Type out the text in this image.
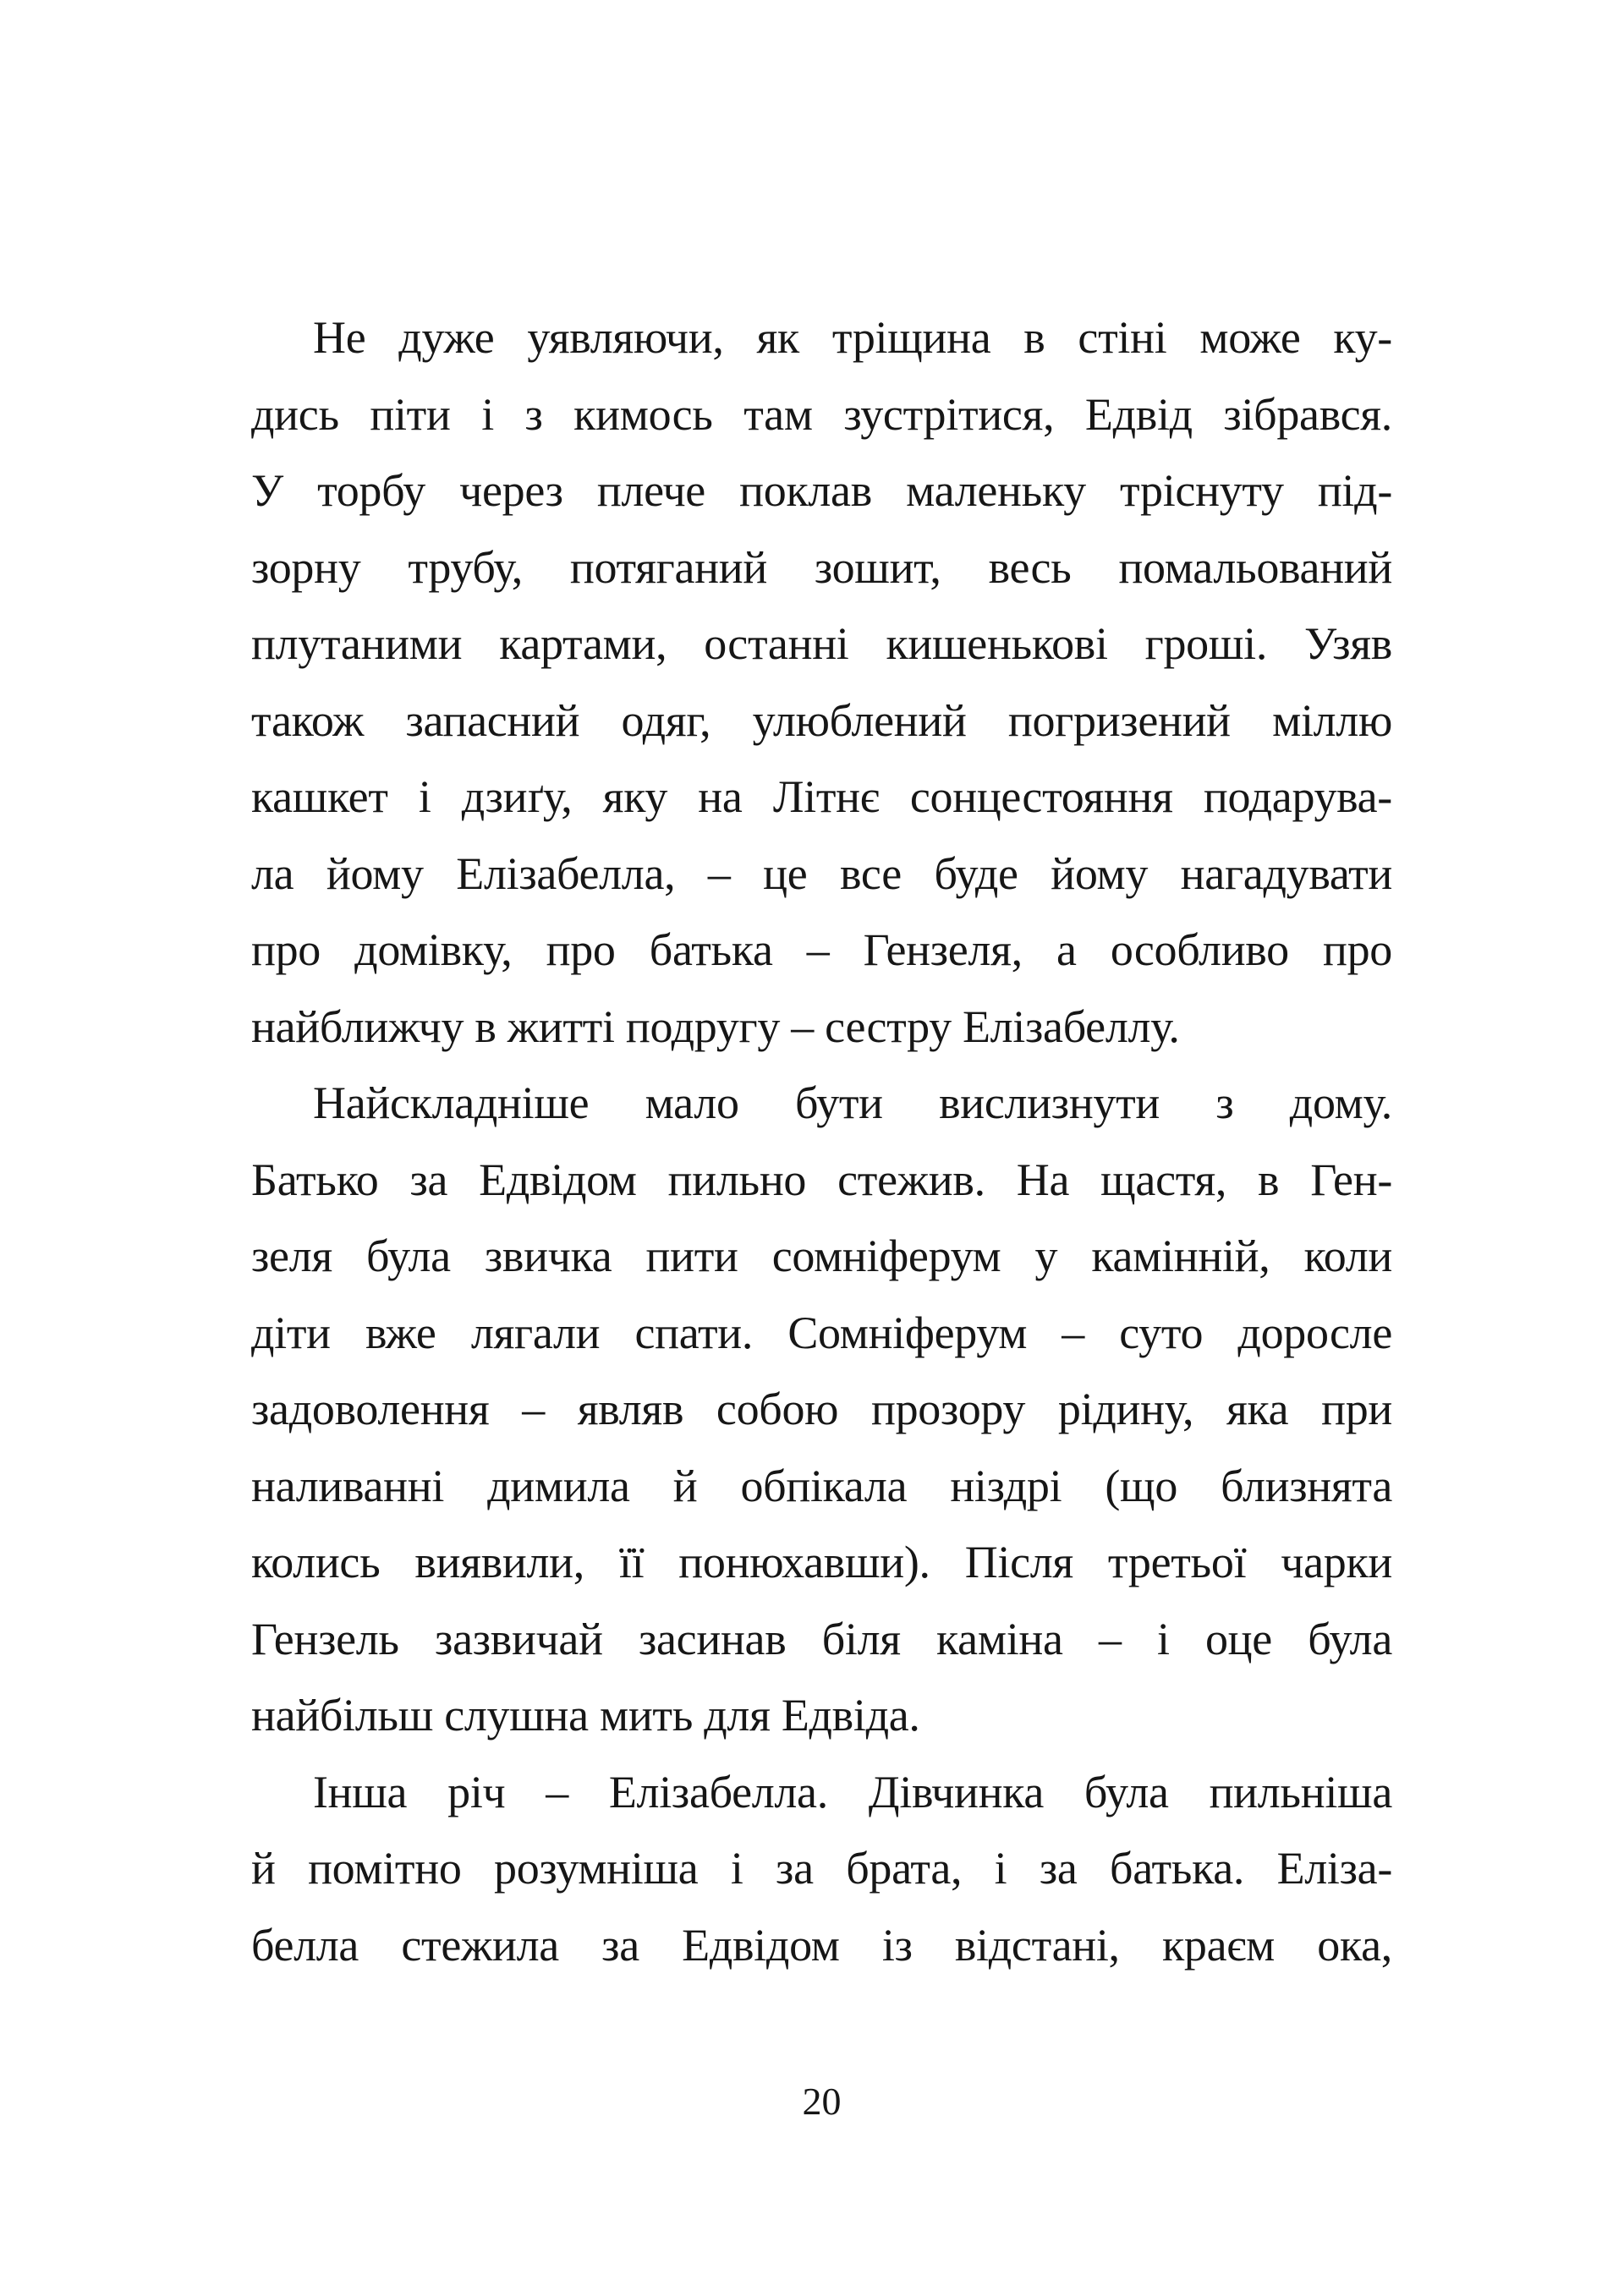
Не дуже уявляючи, як тріщина в стіні може ку-
дись піти і з кимось там зустрітися, Едвід зібрався.
У торбу через плече поклав маленьку тріснуту під-
зорну трубу, потяганий зошит, весь помальований
плутаними картами, останні кишенькові гроші. Узяв
також запасний одяг, улюблений погризений міллю
кашкет і дзиґу, яку на Літнє сонцестояння подарува-
ла йому Елізабелла, – це все буде йому нагадувати
про домівку, про батька – Гензеля, а особливо про
найближчу в житті подругу – сестру Елізабеллу.
Найскладніше мало бути вислизнути з дому.
Батько за Едвідом пильно стежив. На щастя, в Ген-
зеля була звичка пити сомніферум у камінній, коли
діти вже лягали спати. Сомніферум – суто доросле
задоволення – являв собою прозору рідину, яка при
наливанні димила й обпікала ніздрі (що близнята
колись виявили, її понюхавши). Після третьої чарки
Гензель зазвичай засинав біля каміна – і оце була
найбільш слушна мить для Едвіда.
Інша річ – Елізабелла. Дівчинка була пильніша
й помітно розумніша і за брата, і за батька. Еліза-
белла стежила за Едвідом із відстані, краєм ока,
20
